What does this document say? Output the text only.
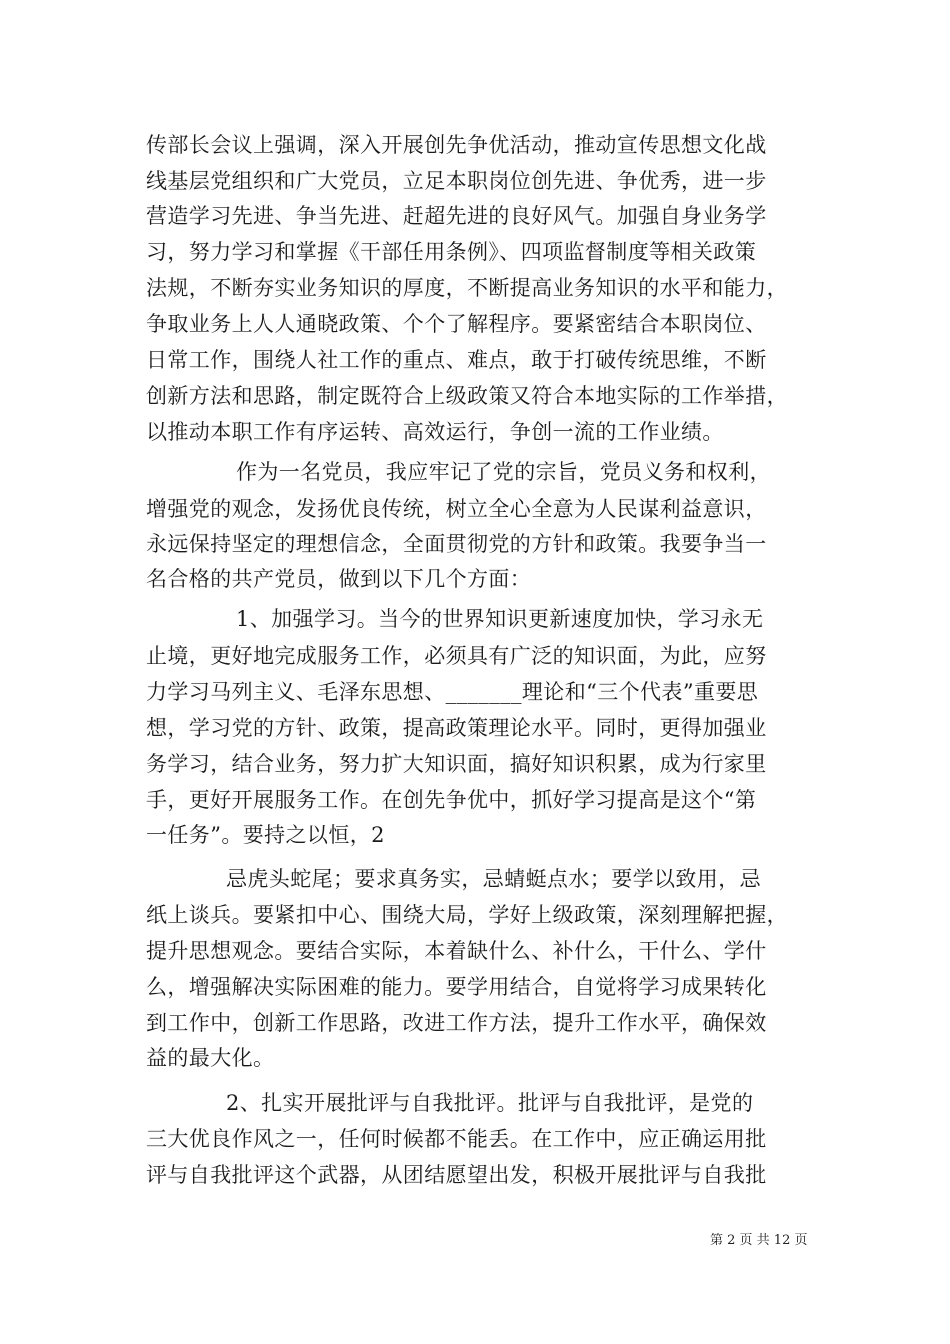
传部长会议上强调，深入开展创先争优活动，推动宣传思想文化战
线基层党组织和广大党员，立足本职岗位创先进、争优秀，进一步
营造学习先进、争当先进、赶超先进的良好风气。加强自身业务学
习，努力学习和掌握《干部任用条例》、四项监督制度等相关政策
法规，不断夯实业务知识的厚度，不断提高业务知识的水平和能力，
争取业务上人人通晓政策、个个了解程序。要紧密结合本职岗位、
日常工作，围绕人社工作的重点、难点，敢于打破传统思维，不断
创新方法和思路，制定既符合上级政策又符合本地实际的工作举措，
以推动本职工作有序运转、高效运行，争创一流的工作业绩。
作为一名党员，我应牢记了党的宗旨，党员义务和权利，
增强党的观念，发扬优良传统，树立全心全意为人民谋利益意识，
永远保持坚定的理想信念，全面贯彻党的方针和政策。我要争当一
名合格的共产党员，做到以下几个方面：
1、加强学习。当今的世界知识更新速度加快，学习永无
止境，更好地完成服务工作，必须具有广泛的知识面，为此，应努
力学习马列主义、毛泽东思想、_______理论和“三个代表”重要思
想，学习党的方针、政策，提高政策理论水平。同时，更得加强业
务学习，结合业务，努力扩大知识面，搞好知识积累，成为行家里
手，更好开展服务工作。在创先争优中，抓好学习提高是这个“第
一任务”。要持之以恒，2
忌虎头蛇尾；要求真务实，忌蜻蜓点水；要学以致用，忌
纸上谈兵。要紧扣中心、围绕大局，学好上级政策，深刻理解把握，
提升思想观念。要结合实际，本着缺什么、补什么，干什么、学什
么，增强解决实际困难的能力。要学用结合，自觉将学习成果转化
到工作中，创新工作思路，改进工作方法，提升工作水平，确保效
益的最大化。
2、扎实开展批评与自我批评。批评与自我批评，是党的
三大优良作风之一，任何时候都不能丢。在工作中，应正确运用批
评与自我批评这个武器，从团结愿望出发，积极开展批评与自我批
第 2 页 共 12 页
